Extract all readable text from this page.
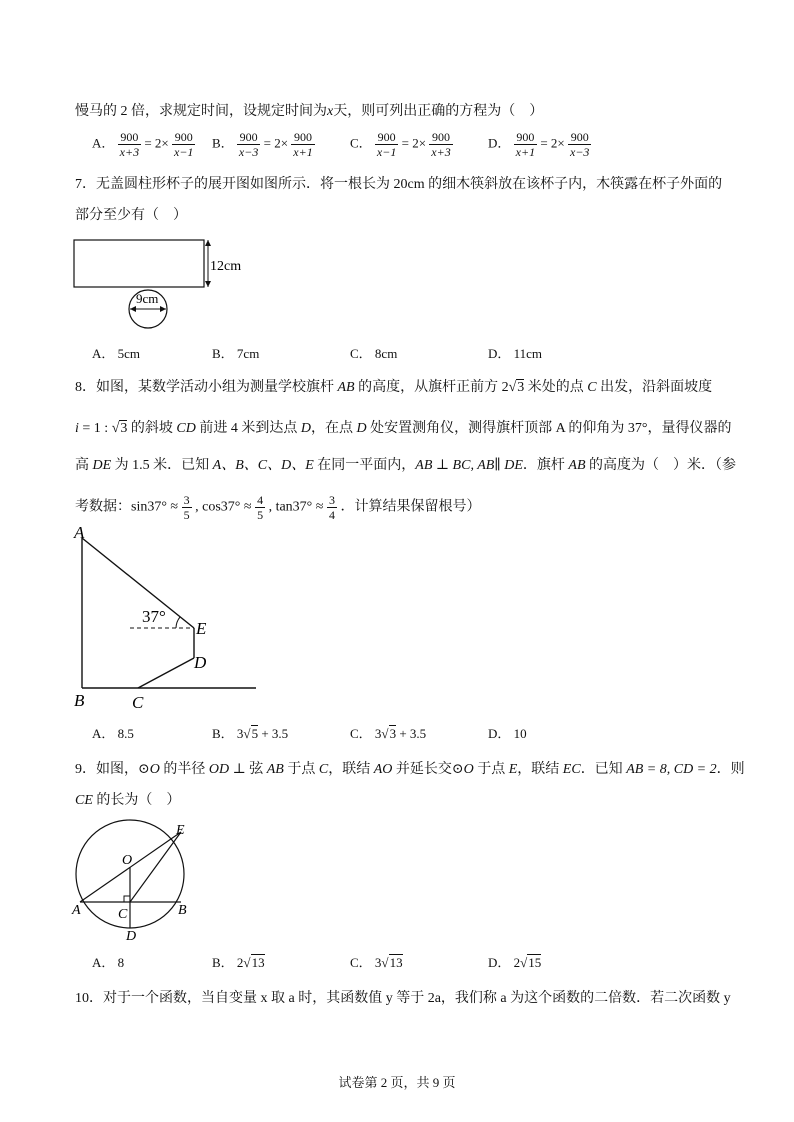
慢马的 2 倍，求规定时间，设规定时间为x天，则可列出正确的方程为（　）
A． $\frac{900}{x+3} = 2\times \frac{900}{x-1}$ B． $\frac{900}{x-3} = 2\times \frac{900}{x+1}$	C． $\frac{900}{x-1} = 2\times \frac{900}{x+3}$	D． $\frac{900}{x+1} = 2\times \frac{900}{x-3}$
7．无盖圆柱形杯子的展开图如图所示．将一根长为 20cm 的细木筷斜放在该杯子内，木筷露在杯子外面的
部分至少有（　）
12cm
9cm
A． 5cm	B． 7cm	C． 8cm	D． 11cm
8．如图，某数学活动小组为测量学校旗杆 AB 的高度，从旗杆正前方 2√3 米处的点 C 出发，沿斜面坡度
i = 1 : √3 的斜坡 CD 前进 4 米到达点 D，在点 D 处安置测角仪，测得旗杆顶部 A 的仰角为 37°，量得仪器的
高 DE 为 1.5 米．已知 A、B、C、D、E 在同一平面内，AB ⊥ BC, AB∥ DE．旗杆 AB 的高度为（　）米．（参
考数据：$\sin 37^\circ \approx \frac{3}{5}$ , $\cos 37^\circ \approx \frac{4}{5}$ , $\tan 37^\circ \approx \frac{3}{4}$ ．计算结果保留根号）
A
B	C
D
E
37°
A． 8.5	B． 3√5 + 3.5	C． 3√3 + 3.5	D． 10
9．如图，⊙O 的半径 OD ⊥ 弦 AB 于点 C，联结 AO 并延长交⊙O 于点 E，联结 EC．已知 AB = 8, CD = 2．则
CE 的长为（　）
O
A	B
C
D
E
A． 8	B． 2√13	C． 3√13	D． 2√15
10．对于一个函数，当自变量 x 取 a 时，其函数值 y 等于 2a，我们称 a 为这个函数的二倍数．若二次函数 y
试卷第 2 页，共 9 页
